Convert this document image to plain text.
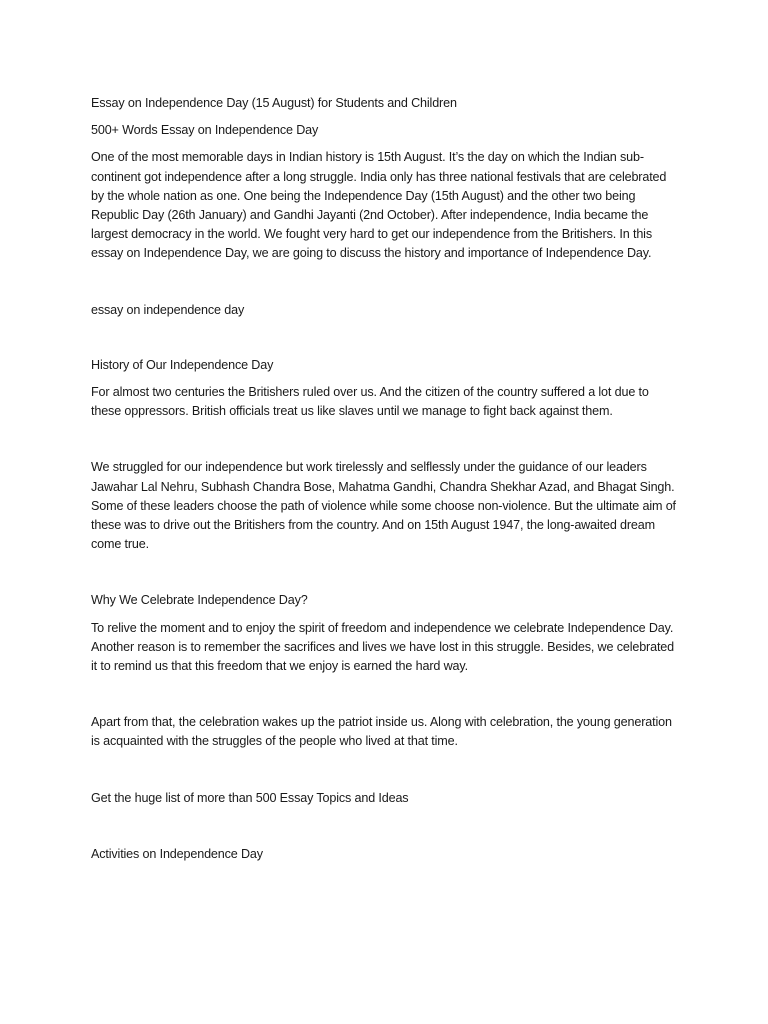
Essay on Independence Day (15 August) for Students and Children

500+ Words Essay on Independence Day

One of the most memorable days in Indian history is 15th August. It’s the day on which the Indian sub-continent got independence after a long struggle. India only has three national festivals that are celebrated by the whole nation as one. One being the Independence Day (15th August) and the other two being Republic Day (26th January) and Gandhi Jayanti (2nd October). After independence, India became the largest democracy in the world. We fought very hard to get our independence from the Britishers. In this essay on Independence Day, we are going to discuss the history and importance of Independence Day.

essay on independence day

History of Our Independence Day

For almost two centuries the Britishers ruled over us. And the citizen of the country suffered a lot due to these oppressors. British officials treat us like slaves until we manage to fight back against them.

We struggled for our independence but work tirelessly and selflessly under the guidance of our leaders Jawahar Lal Nehru, Subhash Chandra Bose, Mahatma Gandhi, Chandra Shekhar Azad, and Bhagat Singh. Some of these leaders choose the path of violence while some choose non-violence. But the ultimate aim of these was to drive out the Britishers from the country. And on 15th August 1947, the long-awaited dream come true.

Why We Celebrate Independence Day?

To relive the moment and to enjoy the spirit of freedom and independence we celebrate Independence Day. Another reason is to remember the sacrifices and lives we have lost in this struggle. Besides, we celebrated it to remind us that this freedom that we enjoy is earned the hard way.

Apart from that, the celebration wakes up the patriot inside us. Along with celebration, the young generation is acquainted with the struggles of the people who lived at that time.

Get the huge list of more than 500 Essay Topics and Ideas

Activities on Independence Day
